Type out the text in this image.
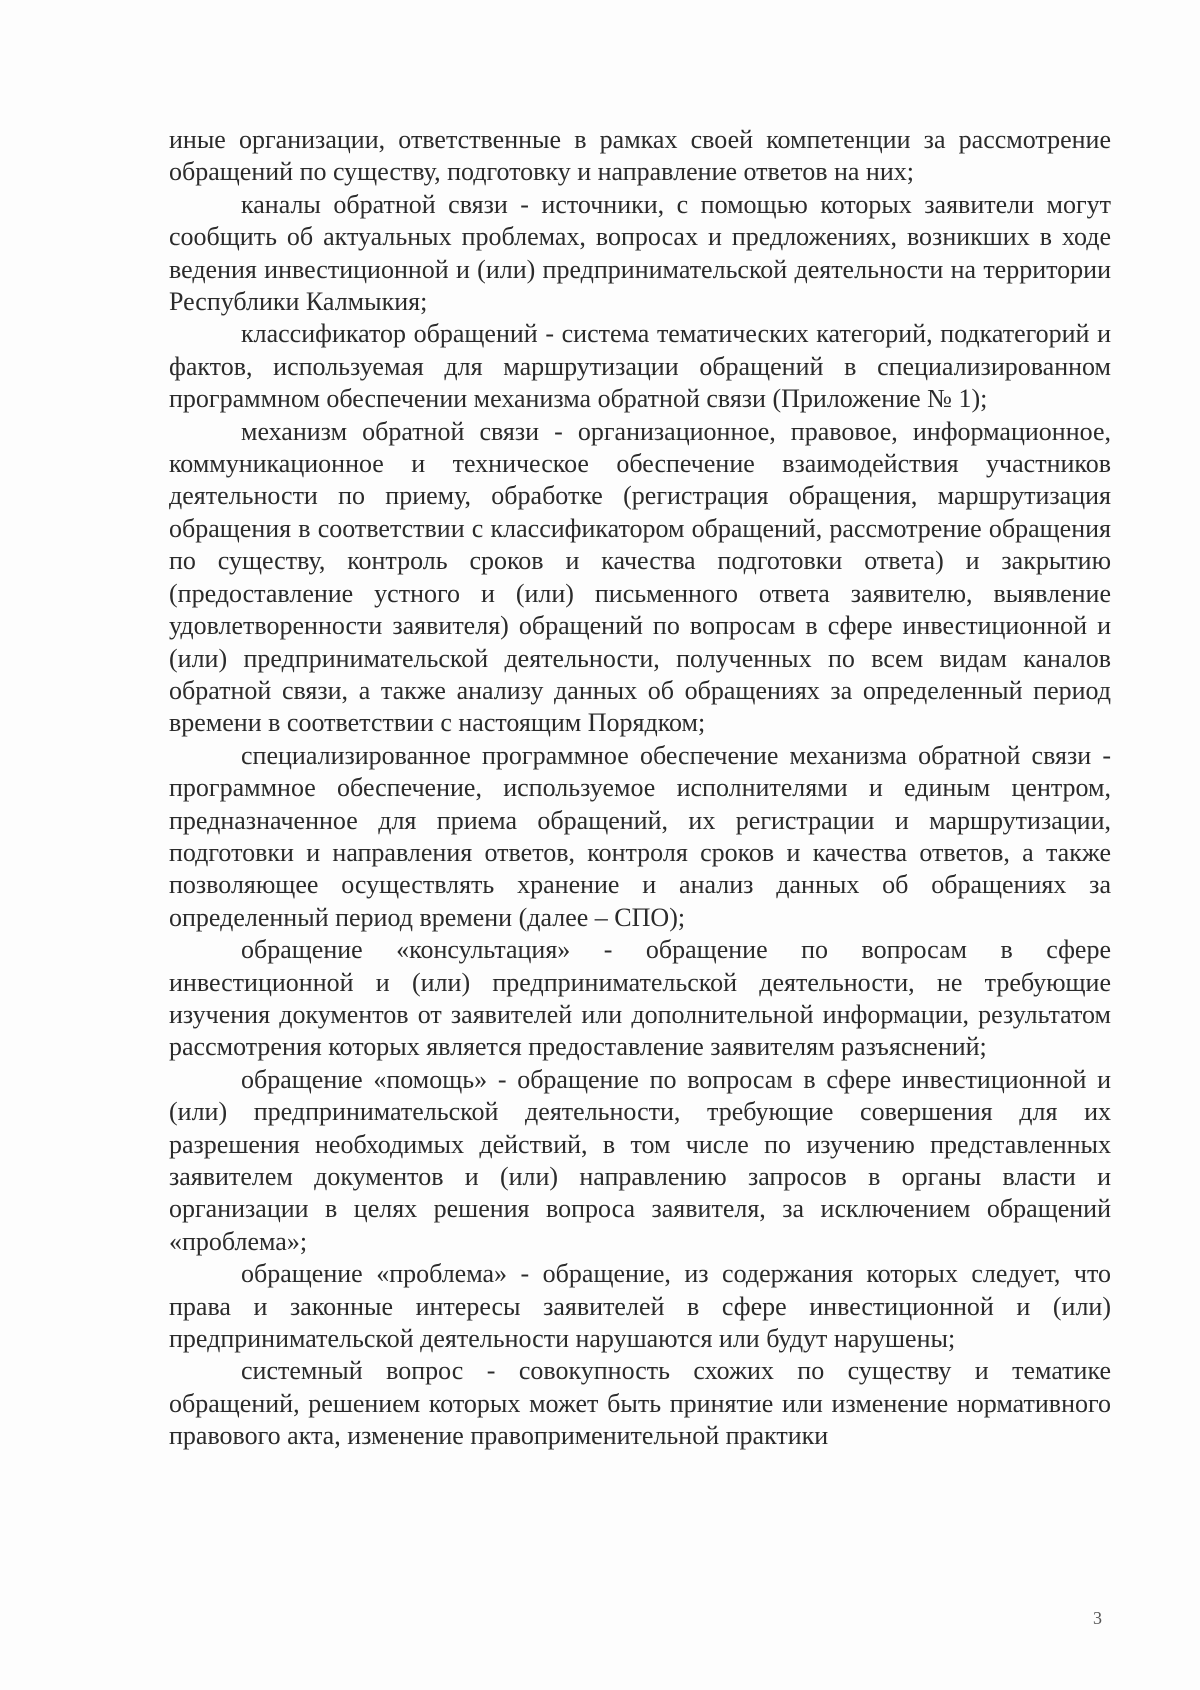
иные организации, ответственные в рамках своей компетенции за рассмотрение обращений по существу, подготовку и направление ответов на них;

каналы обратной связи - источники, с помощью которых заявители могут сообщить об актуальных проблемах, вопросах и предложениях, возникших в ходе ведения инвестиционной и (или) предпринимательской деятельности на территории Республики Калмыкия;

классификатор обращений - система тематических категорий, подкатегорий и фактов, используемая для маршрутизации обращений в специализированном программном обеспечении механизма обратной связи (Приложение № 1);

механизм обратной связи - организационное, правовое, информационное, коммуникационное и техническое обеспечение взаимодействия участников деятельности по приему, обработке (регистрация обращения, маршрутизация обращения в соответствии с классификатором обращений, рассмотрение обращения по существу, контроль сроков и качества подготовки ответа) и закрытию (предоставление устного и (или) письменного ответа заявителю, выявление удовлетворенности заявителя) обращений по вопросам в сфере инвестиционной и (или) предпринимательской деятельности, полученных по всем видам каналов обратной связи, а также анализу данных об обращениях за определенный период времени в соответствии с настоящим Порядком;

специализированное программное обеспечение механизма обратной связи - программное обеспечение, используемое исполнителями и единым центром, предназначенное для приема обращений, их регистрации и маршрутизации, подготовки и направления ответов, контроля сроков и качества ответов, а также позволяющее осуществлять хранение и анализ данных об обращениях за определенный период времени (далее – СПО);

обращение «консультация» - обращение по вопросам в сфере инвестиционной и (или) предпринимательской деятельности, не требующие изучения документов от заявителей или дополнительной информации, результатом рассмотрения которых является предоставление заявителям разъяснений;

обращение «помощь» - обращение по вопросам в сфере инвестиционной и (или) предпринимательской деятельности, требующие совершения для их разрешения необходимых действий, в том числе по изучению представленных заявителем документов и (или) направлению запросов в органы власти и организации в целях решения вопроса заявителя, за исключением обращений «проблема»;

обращение «проблема» - обращение, из содержания которых следует, что права и законные интересы заявителей в сфере инвестиционной и (или) предпринимательской деятельности нарушаются или будут нарушены;

системный вопрос - совокупность схожих по существу и тематике обращений, решением которых может быть принятие или изменение нормативного правового акта, изменение правоприменительной практики

3
